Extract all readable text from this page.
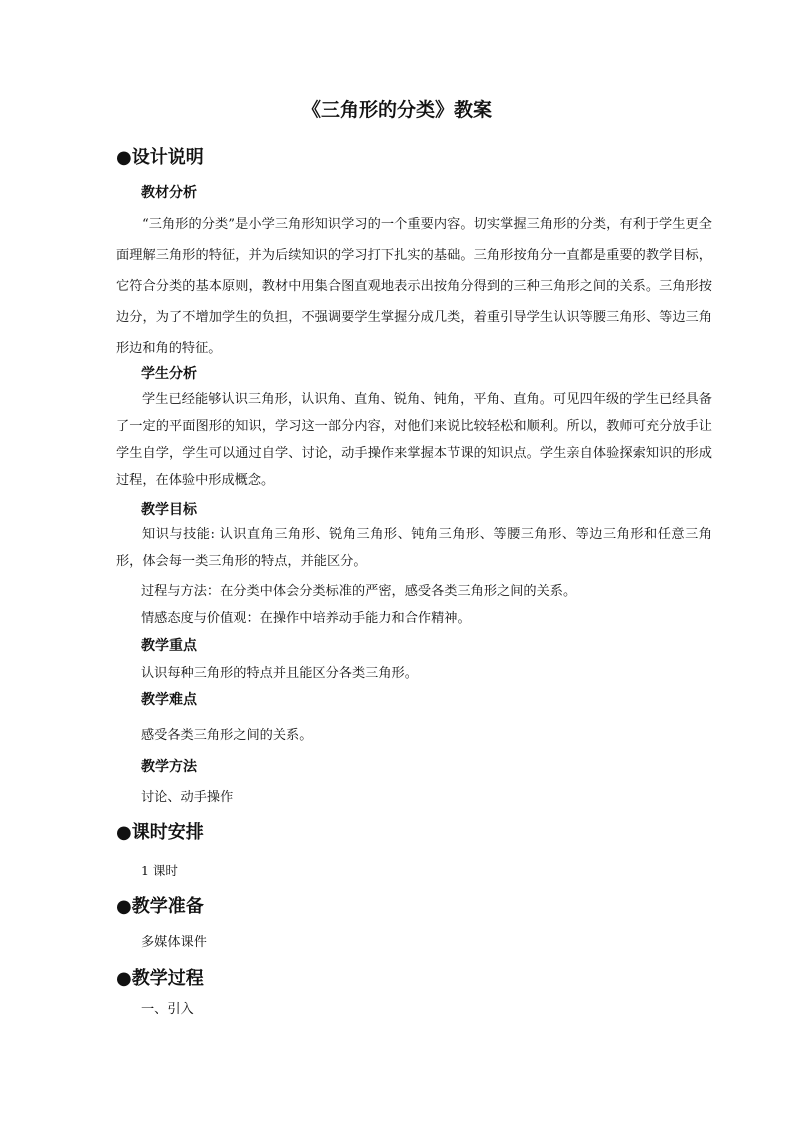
《三角形的分类》教案
●设计说明
教材分析

“三角形的分类”是小学三角形知识学习的一个重要内容。切实掌握三角形的分类，有利于学生更全面理解三角形的特征，并为后续知识的学习打下扎实的基础。三角形按角分一直都是重要的教学目标，它符合分类的基本原则，教材中用集合图直观地表示出按角分得到的三种三角形之间的关系。三角形按边分，为了不增加学生的负担，不强调要学生掌握分成几类，着重引导学生认识等腰三角形、等边三角形边和角的特征。

学生分析

学生已经能够认识三角形，认识角、直角、锐角、钝角，平角、直角。可见四年级的学生已经具备了一定的平面图形的知识，学习这一部分内容，对他们来说比较轻松和顺利。所以，教师可充分放手让学生自学，学生可以通过自学、讨论，动手操作来掌握本节课的知识点。学生亲自体验探索知识的形成过程，在体验中形成概念。

教学目标

知识与技能: 认识直角三角形、锐角三角形、钝角三角形、等腰三角形、等边三角形和任意三角形，体会每一类三角形的特点，并能区分。

过程与方法：在分类中体会分类标准的严密，感受各类三角形之间的关系。
情感态度与价值观：在操作中培养动手能力和合作精神。
教学重点
认识每种三角形的特点并且能区分各类三角形。
教学难点
感受各类三角形之间的关系。
教学方法
讨论、动手操作
●课时安排
1 课时
●教学准备
多媒体课件
●教学过程
一、引入
